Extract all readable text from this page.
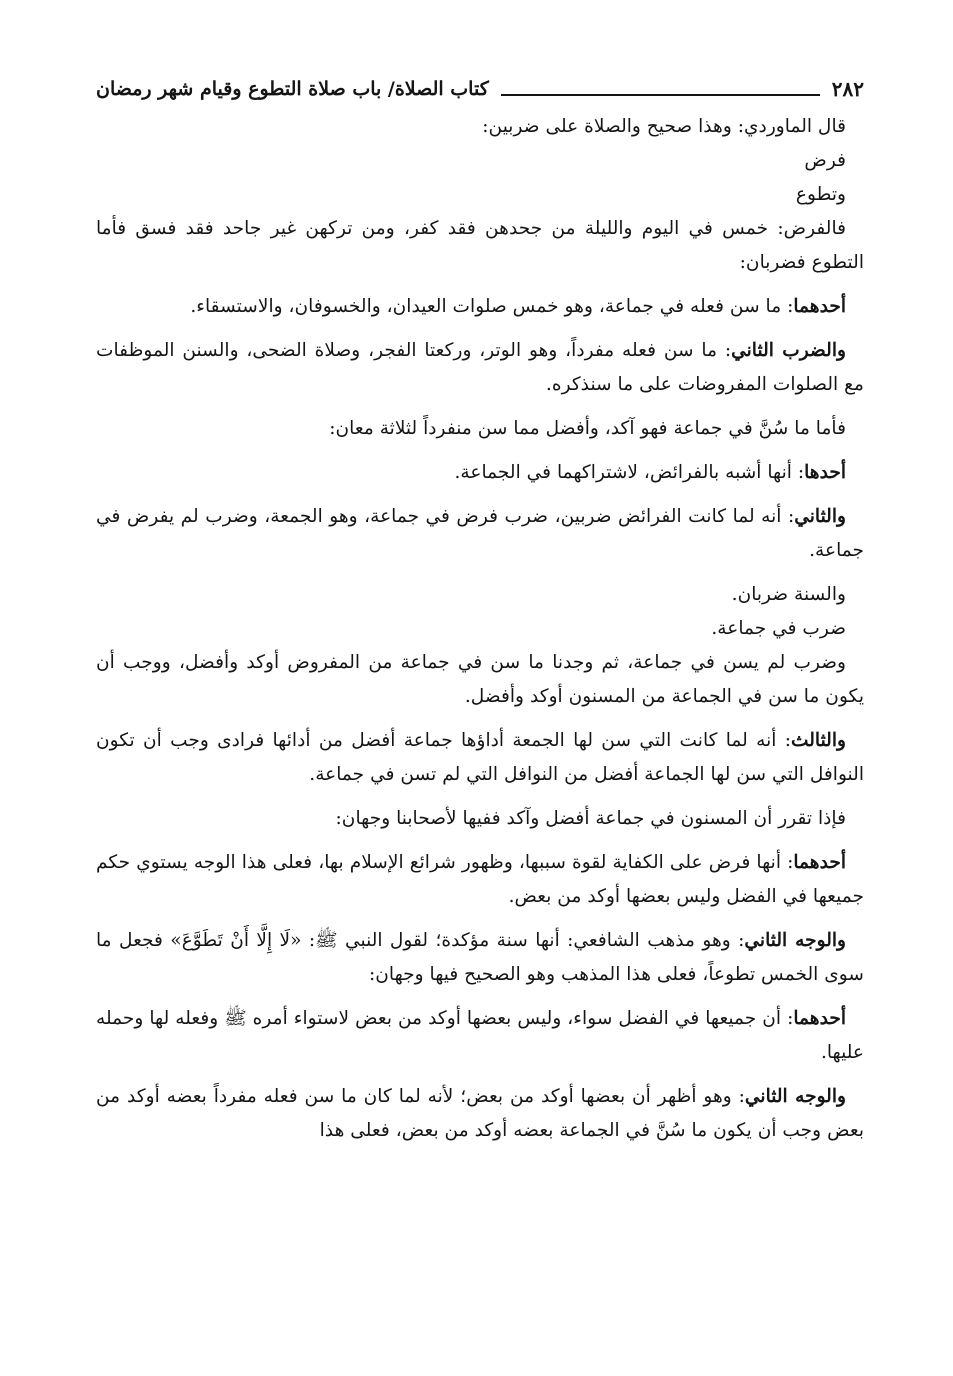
٢٨٢
كتاب الصلاة/ باب صلاة التطوع وقيام شهر رمضان

قال الماوردي: وهذا صحيح والصلاة على ضربين:

فرض

وتطوع

فالفرض: خمس في اليوم والليلة من جحدهن فقد كفر، ومن تركهن غير جاحد فقد فسق فأما التطوع فضربان:

أحدهما: ما سن فعله في جماعة، وهو خمس صلوات العيدان، والخسوفان، والاستسقاء.

والضرب الثاني: ما سن فعله مفرداً، وهو الوتر، وركعتا الفجر، وصلاة الضحى، والسنن الموظفات مع الصلوات المفروضات على ما سنذكره.

فأما ما سُنَّ في جماعة فهو آكد، وأفضل مما سن منفرداً لثلاثة معان:

أحدها: أنها أشبه بالفرائض، لاشتراكهما في الجماعة.

والثاني: أنه لما كانت الفرائض ضربين، ضرب فرض في جماعة، وهو الجمعة، وضرب لم يفرض في جماعة.

والسنة ضربان.

ضرب في جماعة.

وضرب لم يسن في جماعة، ثم وجدنا ما سن في جماعة من المفروض أوكد وأفضل، ووجب أن يكون ما سن في الجماعة من المسنون أوكد وأفضل.

والثالث: أنه لما كانت التي سن لها الجمعة أداؤها جماعة أفضل من أدائها فرادى وجب أن تكون النوافل التي سن لها الجماعة أفضل من النوافل التي لم تسن في جماعة.

فإذا تقرر أن المسنون في جماعة أفضل وآكد ففيها لأصحابنا وجهان:

أحدهما: أنها فرض على الكفاية لقوة سببها، وظهور شرائع الإسلام بها، فعلى هذا الوجه يستوي حكم جميعها في الفضل وليس بعضها أوكد من بعض.

والوجه الثاني: وهو مذهب الشافعي: أنها سنة مؤكدة؛ لقول النبي ﷺ: «لَا إِلَّا أَنْ تَطَوَّعَ» فجعل ما سوى الخمس تطوعاً، فعلى هذا المذهب وهو الصحيح فيها وجهان:

أحدهما: أن جميعها في الفضل سواء، وليس بعضها أوكد من بعض لاستواء أمره ﷺ وفعله لها وحمله عليها.

والوجه الثاني: وهو أظهر أن بعضها أوكد من بعض؛ لأنه لما كان ما سن فعله مفرداً بعضه أوكد من بعض وجب أن يكون ما سُنَّ في الجماعة بعضه أوكد من بعض، فعلى هذا
